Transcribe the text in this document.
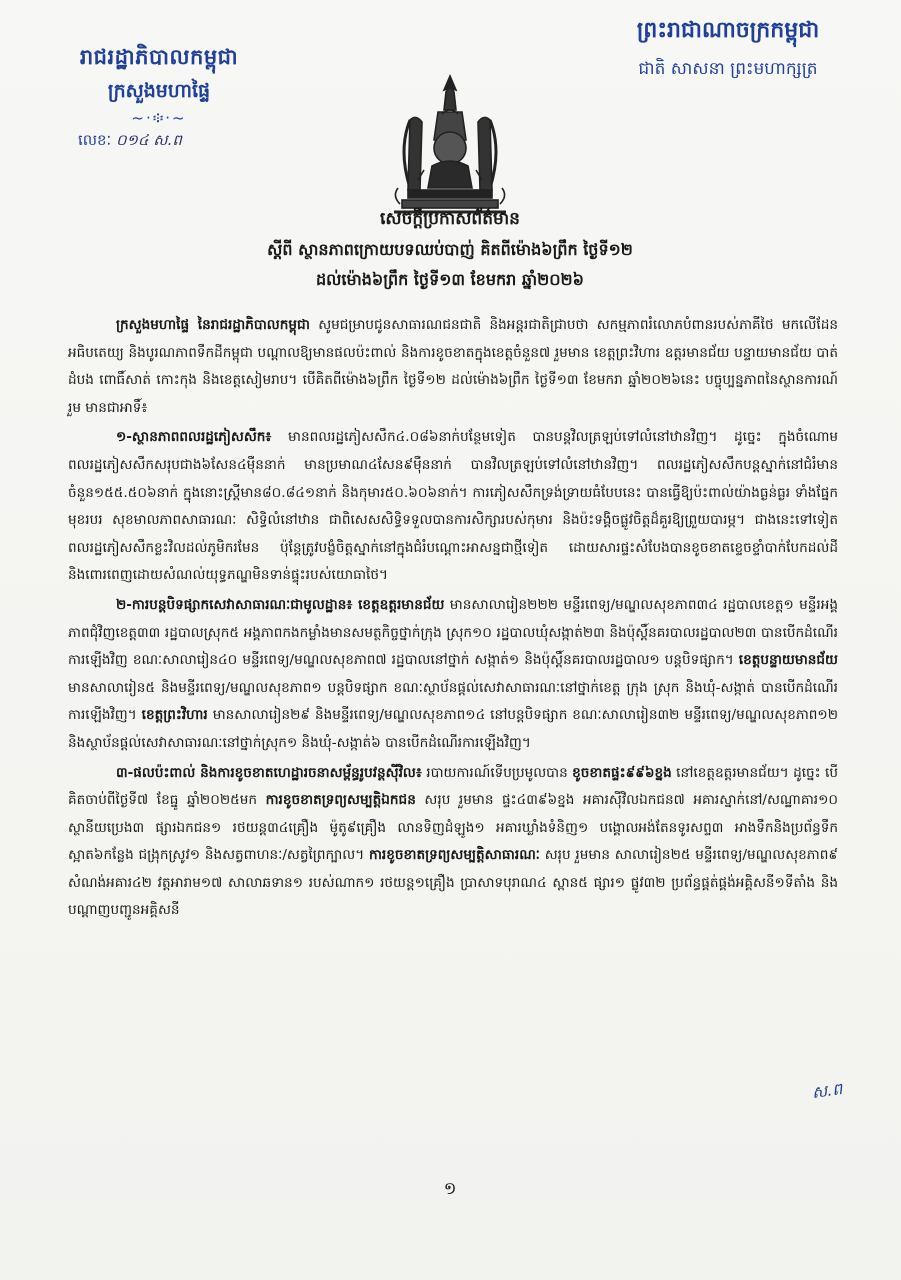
រាជរដ្ឋាភិបាលកម្ពុជា
ក្រសួងមហាផ្ទៃ
~·፨·~
លេខៈ ០១៤ ស.ព
ព្រះរាជាណាចក្រកម្ពុជា
ជាតិ សាសនា ព្រះមហាក្សត្រ
សេចក្តីប្រកាសព័ត៌មាន
ស្តីពី ស្ថានភាពក្រោយបទឈប់បាញ់ គិតពីម៉ោង៦ព្រឹក ថ្ងៃទី១២
ដល់ម៉ោង៦ព្រឹក ថ្ងៃទី១៣ ខែមករា ឆ្នាំ២០២៦

ក្រសួងមហាផ្ទៃ នៃរាជរដ្ឋាភិបាលកម្ពុជា សូមជម្រាបជូនសាធារណជនជាតិ និងអន្តរជាតិជ្រាបថា សកម្មភាពរំលោភបំពានរបស់ភាគីថៃ មកលើដែនអធិបតេយ្យ និងបូរណភាពទឹកដីកម្ពុជា បណ្តាលឱ្យមានផលប៉ះពាល់ និងការខូចខាតក្នុងខេត្តចំនួន៧ រួមមាន ខេត្តព្រះវិហារ ឧត្តរមានជ័យ បន្ទាយមានជ័យ បាត់ដំបង ពោធិ៍សាត់ កោះកុង និងខេត្តសៀមរាប។ បើគិតពីម៉ោង៦ព្រឹក ថ្ងៃទី១២ ដល់ម៉ោង៦ព្រឹក ថ្ងៃទី១៣ ខែមករា ឆ្នាំ២០២៦នេះ បច្ចុប្បន្នភាពនៃស្ថានការណ៍រួម មានជាអាទិ៍៖

១-ស្ថានភាពពលរដ្ឋភៀសសឹក៖ មានពលរដ្ឋភៀសសឹក៤.០៨៦នាក់បន្ថែមទៀត បានបន្តវិលត្រឡប់ទៅលំនៅឋានវិញ។ ដូច្នេះ ក្នុងចំណោមពលរដ្ឋភៀសសឹកសរុបជាង៦សែន៤ម៉ឺននាក់ មានប្រមាណ៤សែន៩ម៉ឺននាក់ បានវិលត្រឡប់ទៅលំនៅឋានវិញ។ ពលរដ្ឋភៀសសឹកបន្តស្នាក់នៅជំរំមានចំនួន១៥៥.៥០៦នាក់ ក្នុងនោះស្ត្រីមាន៨០.៨៤១នាក់ និងកុមារ៥០.៦០៦នាក់។ ការភៀសសឹកទ្រង់ទ្រាយធំបែបនេះ បានធ្វើឱ្យប៉ះពាល់យ៉ាងធ្ងន់ធ្ងរ ទាំងផ្នែកមុខរបរ សុខមាលភាពសាធារណៈ សិទ្ធិលំនៅឋាន ជាពិសេសសិទ្ធិទទួលបានការសិក្សារបស់កុមារ និងប៉ះទង្គិចផ្លូវចិត្តដ៏គួរឱ្យព្រួយបារម្ភ។ ជាងនេះទៅទៀត ពលរដ្ឋភៀសសឹកខ្លះវិលដល់ភូមិករមែន ប៉ុន្តែត្រូវបង្ខំចិត្តស្នាក់នៅក្នុងជំរំបណ្តោះអាសន្នជាថ្មីទៀត ដោយសារផ្ទះសំបែងបានខូចខាតខ្ទេចខ្ទាំបាក់បែកដល់ដី និងពោរពេញដោយសំណល់យុទ្ធភណ្ឌមិនទាន់ផ្ទុះរបស់យោធាថៃ។

២-ការបន្តបិទផ្សាកសេវាសាធារណៈជាមូលដ្ឋាន៖ ខេត្តឧត្តរមានជ័យ មានសាលារៀន២២២ មន្ទីរពេទ្យ/មណ្ឌលសុខភាព៣៤ រដ្ឋបាលខេត្ត១ មន្ទីរអង្គភាពជុំវិញខេត្ត៣៣ រដ្ឋបាលស្រុក៥ អង្គភាពកងកម្លាំងមានសមត្ថកិច្ចថ្នាក់ក្រុង ស្រុក១០ រដ្ឋបាលឃុំសង្កាត់២៣ និងប៉ុស្តិ៍នគរបាលរដ្ឋបាល២៣ បានបើកដំណើរការឡើងវិញ ខណៈសាលារៀន៤០ មន្ទីរពេទ្យ/មណ្ឌលសុខភាព៧ រដ្ឋបាលនៅថ្នាក់ សង្កាត់១ និងប៉ុស្តិ៍នគរបាលរដ្ឋបាល១ បន្តបិទផ្សាក។ ខេត្តបន្ទាយមានជ័យ មានសាលារៀន៥ និងមន្ទីរពេទ្យ/មណ្ឌលសុខភាព១ បន្តបិទផ្សាក ខណៈស្ថាប័នផ្តល់សេវាសាធារណៈនៅថ្នាក់ខេត្ត ក្រុង ស្រុក និងឃុំ-សង្កាត់ បានបើកដំណើរការឡើងវិញ។ ខេត្តព្រះវិហារ មានសាលារៀន២៩ និងមន្ទីរពេទ្យ/មណ្ឌលសុខភាព១៤ នៅបន្តបិទផ្សាក ខណៈសាលារៀន៣២ មន្ទីរពេទ្យ/មណ្ឌលសុខភាព១២ និងស្ថាប័នផ្តល់សេវាសាធារណៈនៅថ្នាក់ស្រុក១ និងឃុំ-សង្កាត់៦ បានបើកដំណើរការឡើងវិញ។

៣-ផលប៉ះពាល់ និងការខូចខាតហេដ្ឋារចនាសម្ព័ន្ធរូបវន្តស៊ីវិល៖ របាយការណ៍ទើបប្រមូលបាន ខូចខាតផ្ទះ៩៩៦ខ្នង នៅខេត្តឧត្តរមានជ័យ។ ដូច្នេះ បើគិតចាប់ពីថ្ងៃទី៧ ខែធ្នូ ឆ្នាំ២០២៥មក ការខូចខាតទ្រព្យសម្បត្តិឯកជន សរុប រួមមាន ផ្ទះ៤៣៩៦ខ្នង អគារស៊ីវិលឯកជន៧ អគារស្នាក់នៅ/សណ្ឋាគារ១០ ស្ថានីយប្រេង៣ ផ្សារឯកជន១ រថយន្ត៣៤គ្រឿង ម៉ូតូ៩គ្រឿង លានទិញដំឡូង១ អគារឃ្លាំងទំនិញ១ បង្គោលអង់តែនទូរសព្ទ៣ អាងទឹកនិងប្រព័ន្ធទឹកស្អាត៦កន្លែង ជង្រុកស្រូវ១ និងសត្វពាហនៈ/សត្វព្រៃក្បាល។ ការខូចខាតទ្រព្យសម្បត្តិសាធារណៈ សរុប រួមមាន សាលារៀន២៥ មន្ទីរពេទ្យ/មណ្ឌលសុខភាព៩ សំណង់អគារ៤២ វត្តអារាម១៧ សាលាឆទាន១ របស់ណាក១ រថយន្ត១គ្រឿង ប្រាសាទបុរាណ៤ ស្ពាន៥ ផ្សារ១ ផ្លូវ៣២ ប្រព័ន្ធផ្គត់ផ្គង់អគ្គិសនី១ទីតាំង និងបណ្តាញបញ្ជូនអគ្គិសនី

ស.ព
១
